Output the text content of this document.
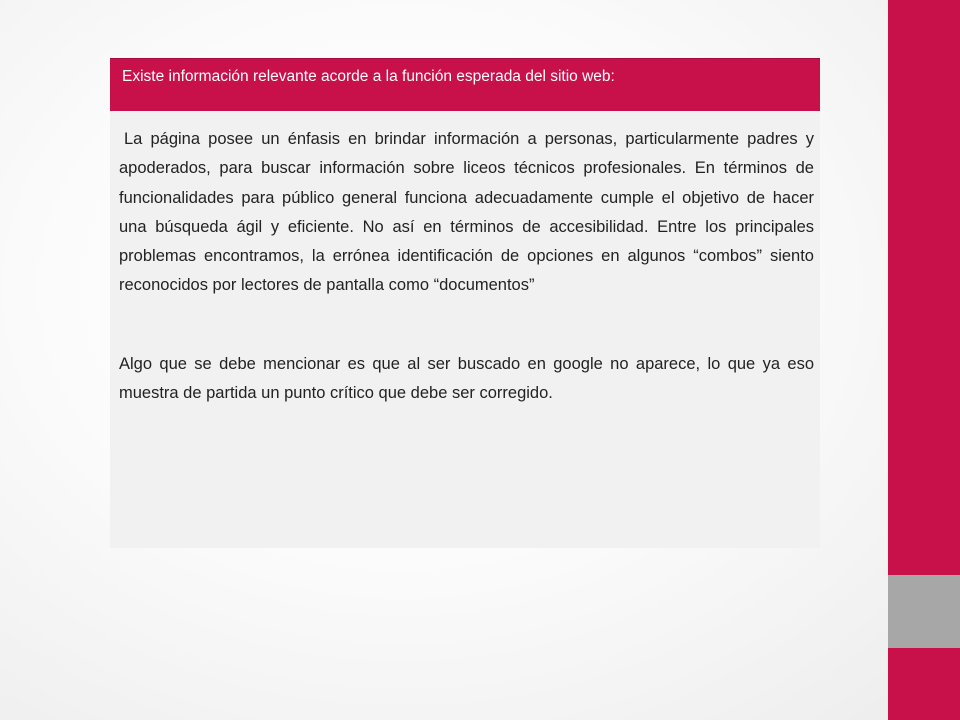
Existe información relevante acorde a la función esperada del sitio web:

La página posee un énfasis en brindar información a personas, particularmente padres y apoderados, para buscar información sobre liceos técnicos profesionales. En términos de funcionalidades para público general funciona adecuadamente cumple el objetivo de hacer una búsqueda ágil y eficiente. No así en términos de accesibilidad. Entre los principales problemas encontramos, la errónea identificación de opciones en algunos “combos” siento reconocidos por lectores de pantalla como “documentos”

Algo que se debe mencionar es que al ser buscado en google no aparece, lo que ya eso muestra de partida un punto crítico que debe ser corregido.
